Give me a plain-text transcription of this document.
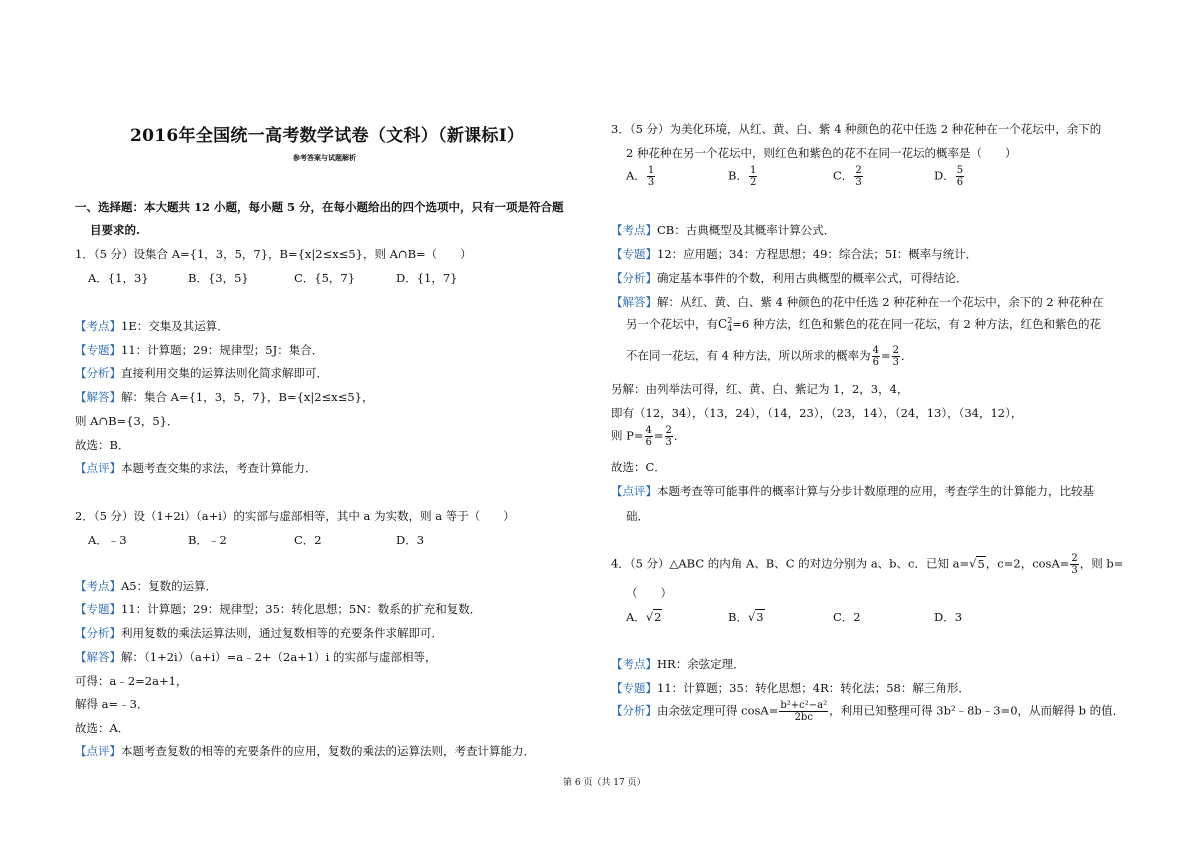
2016年全国统一高考数学试卷（文科）（新课标Ⅰ）
参考答案与试题解析
一、选择题：本大题共 12 小题，每小题 5 分，在每小题给出的四个选项中，只有一项是符合题
目要求的.
1．（5 分）设集合 A={1，3，5，7}，B={x|2≤x≤5}，则 A∩B=（　　）
A．{1，3}	B．{3，5}	C．{5，7}	D．{1，7}
【考点】1E：交集及其运算．
【专题】11：计算题；29：规律型；5J：集合．
【分析】直接利用交集的运算法则化简求解即可．
【解答】解：集合 A={1，3，5，7}，B={x|2≤x≤5}，
则 A∩B={3，5}．
故选：B．
【点评】本题考查交集的求法，考查计算能力．
2．（5 分）设（1+2i）（a+i）的实部与虚部相等，其中 a 为实数，则 a 等于（　　）
A．﹣3	B．﹣2	C．2	D．3
【考点】A5：复数的运算．
【专题】11：计算题；29：规律型；35：转化思想；5N：数系的扩充和复数．
【分析】利用复数的乘法运算法则，通过复数相等的充要条件求解即可．
【解答】解：（1+2i）（a+i）=a﹣2+（2a+1）i 的实部与虚部相等，
可得：a﹣2=2a+1，
解得 a=﹣3．
故选：A．
【点评】本题考查复数的相等的充要条件的应用，复数的乘法的运算法则，考查计算能力．
3．（5 分）为美化环境，从红、黄、白、紫 4 种颜色的花中任选 2 种花种在一个花坛中，余下的
2 种花种在另一个花坛中，则红色和紫色的花不在同一花坛的概率是（　　）
A． $\frac{1}{3}$	B． $\frac{1}{2}$	C． $\frac{2}{3}$	D． $\frac{5}{6}$
【考点】CB：古典概型及其概率计算公式．
【专题】12：应用题；34：方程思想；49：综合法；5I：概率与统计．
【分析】确定基本事件的个数，利用古典概型的概率公式，可得结论．
【解答】解：从红、黄、白、紫 4 种颜色的花中任选 2 种花种在一个花坛中，余下的 2 种花种在
另一个花坛中，有C 2
4 =6 种方法，红色和紫色的花在同一花坛，有 2 种方法，红色和紫色的花
不在同一花坛，有 4 种方法，所以所求的概率为 $\frac{4}{6} = \frac{2}{3}$ ．
另解：由列举法可得，红、黄、白、紫记为 1，2，3，4，
即有（12，34），（13，24），（14，23），（23，14），（24，13），（34，12），
则 $P= \frac{4}{6} = \frac{2}{3}$ ．
故选：C．
【点评】本题考查等可能事件的概率计算与分步计数原理的应用，考查学生的计算能力，比较基
础．
4．（5 分）△ABC 的内角 A、B、C 的对边分别为 a、b、c．已知 a=√5，c=2，$\cos A= \frac{2}{3}$ ，则 b=
（　　）
A．√2	B．√3	C．2	D．3
【考点】HR：余弦定理．
【专题】11：计算题；35：转化思想；4R：转化法；58：解三角形．
【分析】由余弦定理可得 $\cos A= \frac{\text{b²+c²−a²}}{2bc}$ ，利用已知整理可得 3b²﹣8b﹣3=0，从而解得 b 的值．
第 6 页（共 17 页）
